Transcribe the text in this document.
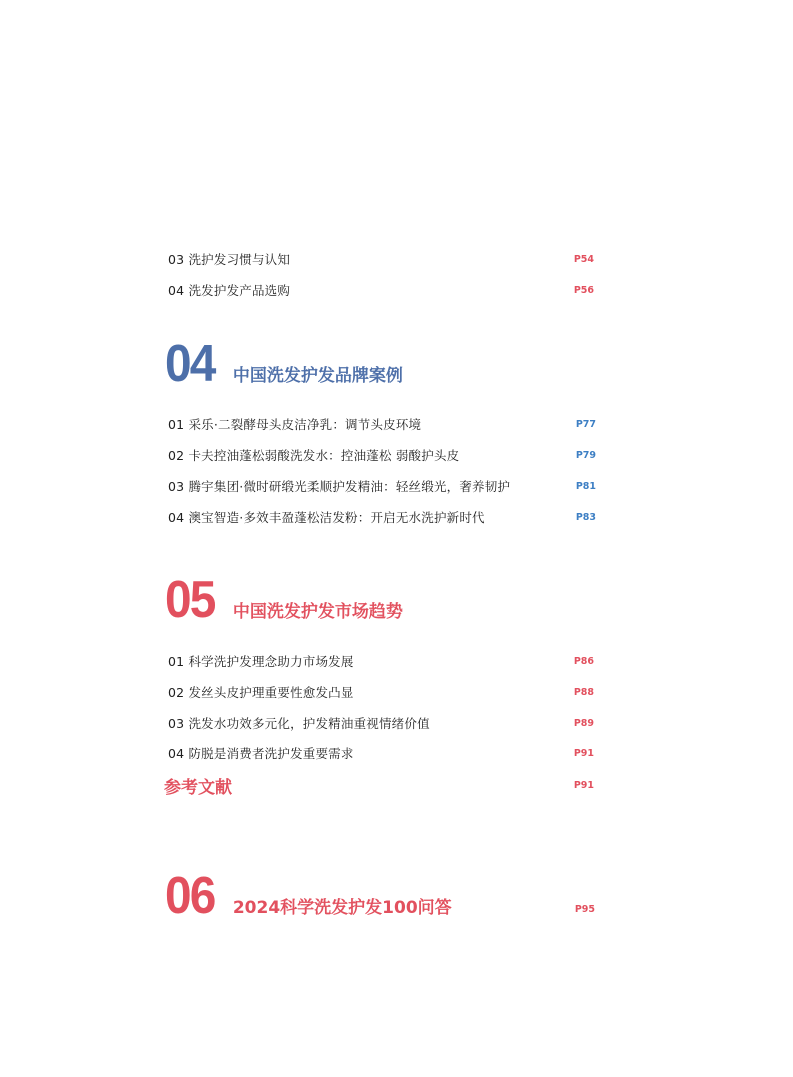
03 洗护发习惯与认知	P54
04 洗发护发产品选购	P56
04 中国洗发护发品牌案例
01 采乐·二裂酵母头皮洁净乳：调节头皮环境	P77
02 卡夫控油蓬松弱酸洗发水：控油蓬松 弱酸护头皮	P79
03 腾宇集团·微时研缎光柔顺护发精油：轻丝缎光，奢养韧护	P81
04 澳宝智造·多效丰盈蓬松洁发粉：开启无水洗护新时代	P83
05 中国洗发护发市场趋势
01 科学洗护发理念助力市场发展	P86
02 发丝头皮护理重要性愈发凸显	P88
03 洗发水功效多元化，护发精油重视情绪价值	P89
04 防脱是消费者洗护发重要需求	P91
参考文献	P91
06 2024科学洗发护发100问答	P95
